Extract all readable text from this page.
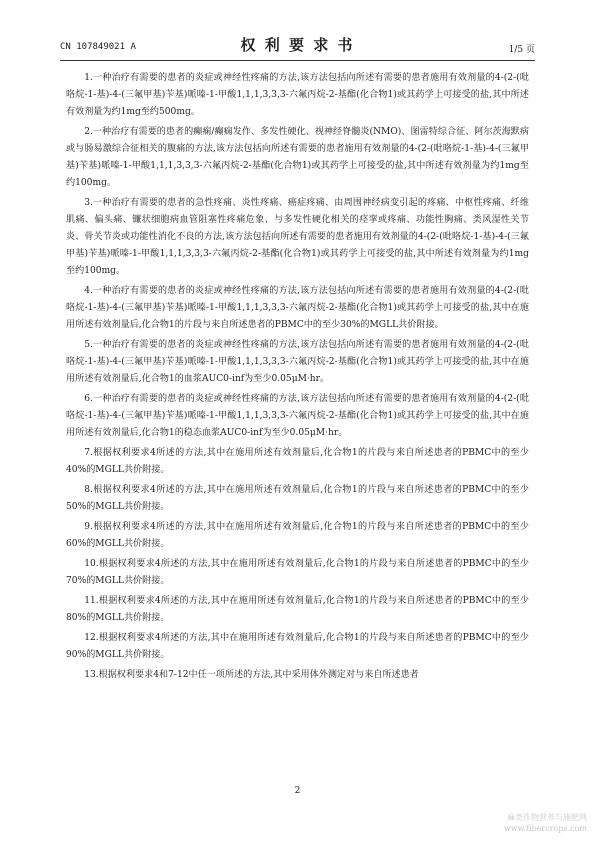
CN 107849021 A	权 利 要 求 书	1/5 页

1.一种治疗有需要的患者的炎症或神经性疼痛的方法,该方法包括向所述有需要的患者施用有效剂量的4-(2-(吡咯烷-1-基)-4-(三氟甲基)苄基)哌嗪-1-甲酸1,1,1,3,3,3-六氟丙烷-2-基酯(化合物1)或其药学上可接受的盐,其中所述有效剂量为约1mg至约500mg。

2.一种治疗有需要的患者的癫痫/癫痫发作、多发性硬化、视神经脊髓炎(NMO)、图雷特综合征、阿尔茨海默病或与肠易激综合征相关的腹痛的方法,该方法包括向所述有需要的患者施用有效剂量的4-(2-(吡咯烷-1-基)-4-(三氟甲基)苄基)哌嗪-1-甲酸1,1,1,3,3,3-六氟丙烷-2-基酯(化合物1)或其药学上可接受的盐,其中所述有效剂量为约1mg至约100mg。

3.一种治疗有需要的患者的急性疼痛、炎性疼痛、癌症疼痛、由周围神经病变引起的疼痛、中枢性疼痛、纤维肌痛、偏头痛、镰状细胞病血管阻塞性疼痛危象、与多发性硬化相关的痉挛或疼痛、功能性胸痛、类风湿性关节炎、骨关节炎或功能性消化不良的方法,该方法包括向所述有需要的患者施用有效剂量的4-(2-(吡咯烷-1-基)-4-(三氟甲基)苄基)哌嗪-1-甲酸1,1,1,3,3,3-六氟丙烷-2-基酯(化合物1)或其药学上可接受的盐,其中所述有效剂量为约1mg至约100mg。

4.一种治疗有需要的患者的炎症或神经性疼痛的方法,该方法包括向所述有需要的患者施用有效剂量的4-(2-(吡咯烷-1-基)-4-(三氟甲基)苄基)哌嗪-1-甲酸1,1,1,3,3,3-六氟丙烷-2-基酯(化合物1)或其药学上可接受的盐,其中在施用所述有效剂量后,化合物1的片段与来自所述患者的PBMC中的至少30%的MGLL共价附接。

5.一种治疗有需要的患者的炎症或神经性疼痛的方法,该方法包括向所述有需要的患者施用有效剂量的4-(2-(吡咯烷-1-基)-4-(三氟甲基)苄基)哌嗪-1-甲酸1,1,1,3,3,3-六氟丙烷-2-基酯(化合物1)或其药学上可接受的盐,其中在施用所述有效剂量后,化合物1的血浆AUC0-inf为至少0.05μM·hr。

6.一种治疗有需要的患者的炎症或神经性疼痛的方法,该方法包括向所述有需要的患者施用有效剂量的4-(2-(吡咯烷-1-基)-4-(三氟甲基)苄基)哌嗪-1-甲酸1,1,1,3,3,3-六氟丙烷-2-基酯(化合物1)或其药学上可接受的盐,其中在施用所述有效剂量后,化合物1的稳态血浆AUC0-inf为至少0.05μM·hr。

7.根据权利要求4所述的方法,其中在施用所述有效剂量后,化合物1的片段与来自所述患者的PBMC中的至少40%的MGLL共价附接。

8.根据权利要求4所述的方法,其中在施用所述有效剂量后,化合物1的片段与来自所述患者的PBMC中的至少50%的MGLL共价附接。

9.根据权利要求4所述的方法,其中在施用所述有效剂量后,化合物1的片段与来自所述患者的PBMC中的至少60%的MGLL共价附接。

10.根据权利要求4所述的方法,其中在施用所述有效剂量后,化合物1的片段与来自所述患者的PBMC中的至少70%的MGLL共价附接。

11.根据权利要求4所述的方法,其中在施用所述有效剂量后,化合物1的片段与来自所述患者的PBMC中的至少80%的MGLL共价附接。

12.根据权利要求4所述的方法,其中在施用所述有效剂量后,化合物1的片段与来自所述患者的PBMC中的至少90%的MGLL共价附接。

13.根据权利要求4和7-12中任一项所述的方法,其中采用体外测定对与来自所述患者

2
麻类作物营养与施肥网
www.fibercrops.com
